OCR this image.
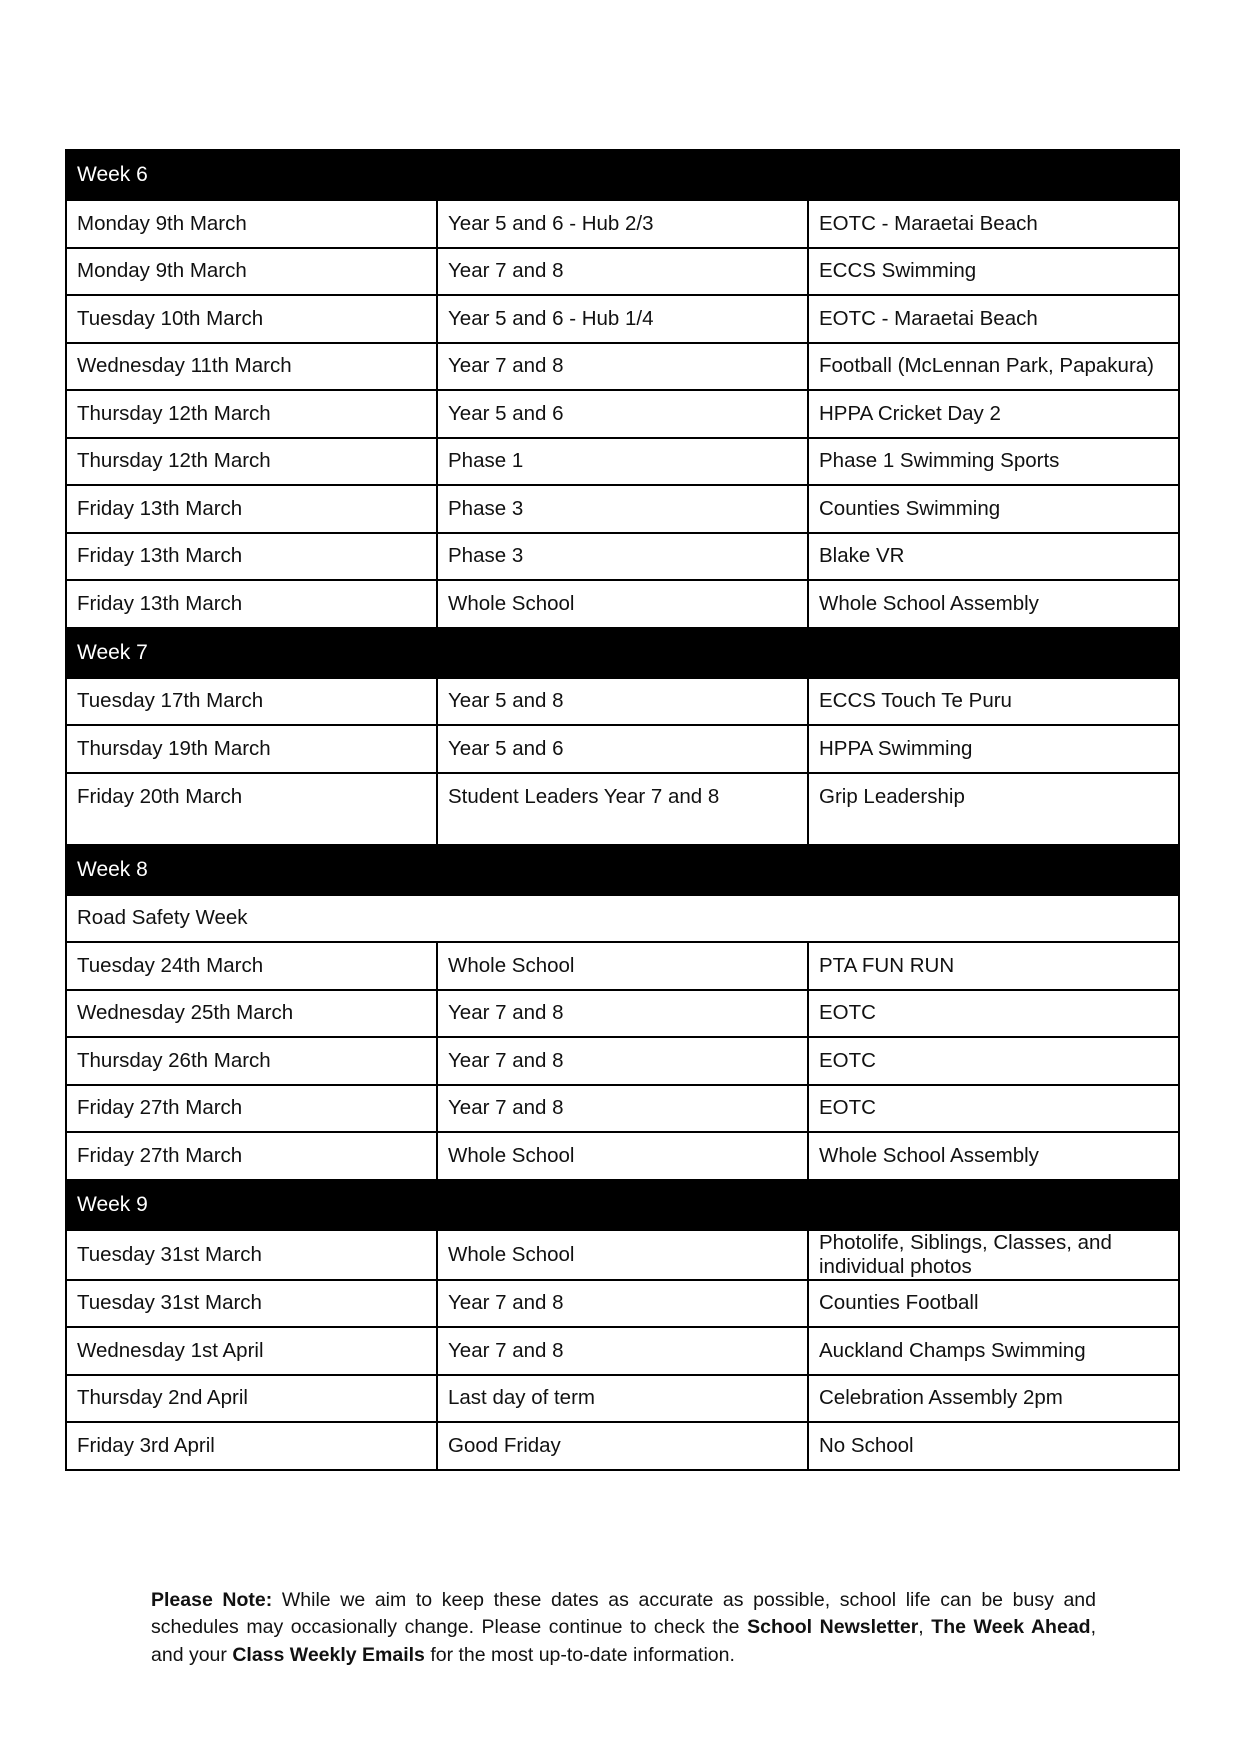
Week 6		
Monday 9th March	Year 5 and 6 - Hub 2/3	EOTC - Maraetai Beach
Monday 9th March	Year 7 and 8	ECCS Swimming
Tuesday 10th March	Year 5 and 6 - Hub 1/4	EOTC - Maraetai Beach
Wednesday 11th March	Year 7 and 8	Football (McLennan Park, Papakura)
Thursday 12th March	Year 5 and 6	HPPA Cricket Day 2
Thursday 12th March	Phase 1	Phase 1 Swimming Sports
Friday 13th March	Phase 3	Counties Swimming
Friday 13th March	Phase 3	Blake VR
Friday 13th March	Whole School	Whole School Assembly
Week 7		
Tuesday 17th March	Year 5 and 8	ECCS Touch Te Puru
Thursday 19th March	Year 5 and 6	HPPA Swimming
Friday 20th March	Student Leaders Year 7 and 8	Grip Leadership
Week 8		
Road Safety Week		
Tuesday 24th March	Whole School	PTA FUN RUN
Wednesday 25th March	Year 7 and 8	EOTC
Thursday 26th March	Year 7 and 8	EOTC
Friday 27th March	Year 7 and 8	EOTC
Friday 27th March	Whole School	Whole School Assembly
Week 9		
Tuesday 31st March	Whole School	Photolife, Siblings, Classes, and individual photos
Tuesday 31st March	Year 7 and 8	Counties Football
Wednesday 1st April	Year 7 and 8	Auckland Champs Swimming
Thursday 2nd April	Last day of term	Celebration Assembly 2pm
Friday 3rd April	Good Friday	No School

Please Note: While we aim to keep these dates as accurate as possible, school life can be busy and schedules may occasionally change. Please continue to check the School Newsletter, The Week Ahead, and your Class Weekly Emails for the most up-to-date information.
